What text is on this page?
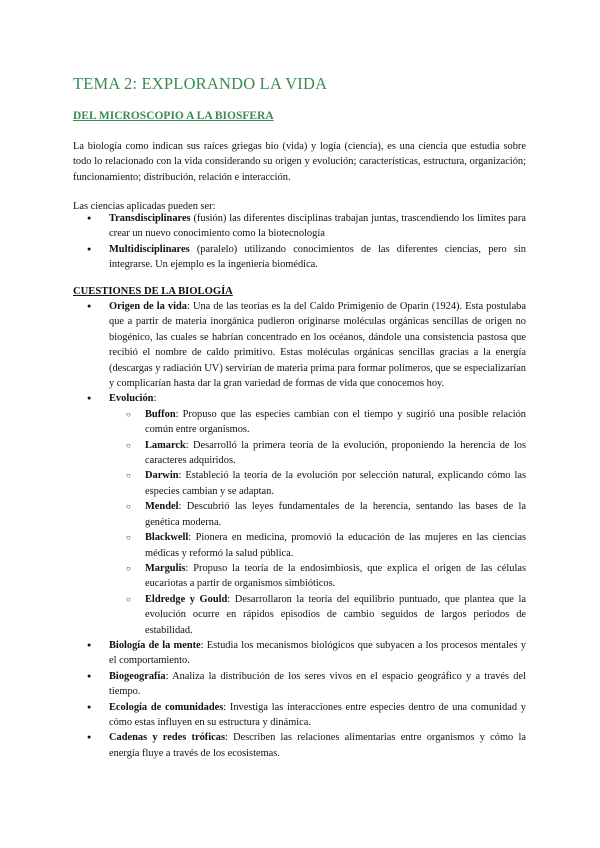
TEMA 2: EXPLORANDO LA VIDA
DEL MICROSCOPIO A LA BIOSFERA

La biología como indican sus raíces griegas bio (vida) y logía (ciencia), es una ciencia que estudia sobre todo lo relacionado con la vida considerando su origen y evolución; características, estructura, organización; funcionamiento; distribución, relación e interacción.

Las ciencias aplicadas pueden ser:

● Transdisciplinares (fusión) las diferentes disciplinas trabajan juntas, trascendiendo los límites para crear un nuevo conocimiento como la biotecnología
● Multidisciplinares (paralelo) utilizando conocimientos de las diferentes ciencias, pero sin integrarse. Un ejemplo es la ingeniería biomédica.
CUESTIONES DE LA BIOLOGÍA
● Origen de la vida: Una de las teorías es la del Caldo Primigenio de Oparin (1924). Esta postulaba que a partir de materia inorgánica pudieron originarse moléculas orgánicas sencillas de origen no biogénico, las cuales se habrían concentrado en los océanos, dándole una consistencia pastosa que recibió el nombre de caldo primitivo. Estas moléculas orgánicas sencillas gracias a la energía (descargas y radiación UV) servirían de materia prima para formar polímeros, que se especializarían y complicarían hasta dar la gran variedad de formas de vida que conocemos hoy.
● Evolución:
○ Buffon: Propuso que las especies cambian con el tiempo y sugirió una posible relación común entre organismos.
○ Lamarck: Desarrolló la primera teoría de la evolución, proponiendo la herencia de los caracteres adquiridos.
○ Darwin: Estableció la teoría de la evolución por selección natural, explicando cómo las especies cambian y se adaptan.
○ Mendel: Descubrió las leyes fundamentales de la herencia, sentando las bases de la genética moderna.
○ Blackwell: Pionera en medicina, promovió la educación de las mujeres en las ciencias médicas y reformó la salud pública.
○ Margulis: Propuso la teoría de la endosimbiosis, que explica el origen de las células eucariotas a partir de organismos simbióticos.
○ Eldredge y Gould: Desarrollaron la teoría del equilibrio puntuado, que plantea que la evolución ocurre en rápidos episodios de cambio seguidos de largos periodos de estabilidad.
● Biología de la mente: Estudia los mecanismos biológicos que subyacen a los procesos mentales y el comportamiento.
● Biogeografía: Analiza la distribución de los seres vivos en el espacio geográfico y a través del tiempo.
● Ecología de comunidades: Investiga las interacciones entre especies dentro de una comunidad y cómo estas influyen en su estructura y dinámica.
● Cadenas y redes tróficas: Describen las relaciones alimentarias entre organismos y cómo la energía fluye a través de los ecosistemas.
